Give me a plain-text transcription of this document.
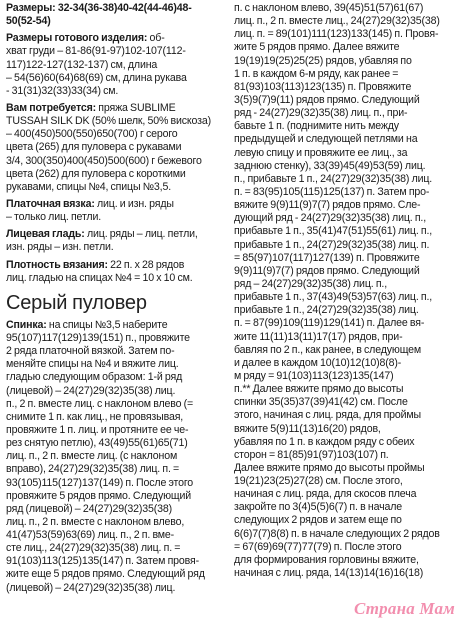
Размеры: 32-34(36-38)40-42(44-46)48-
50(52-54)
Размеры готового изделия: об-
хват груди – 81-86(91-97)102-107(112-
117)122-127(132-137) см, длина
– 54(56)60(64)68(69) см, длина рукава
- 31(31)32(33)33(34) см.
Вам потребуется: пряжа SUBLIME
TUSSAH SILK DK (50% шелк, 50% вискоза)
– 400(450)500(550)650(700) г серого
цвета (265) для пуловера с рукавами
3/4, 300(350)400(450)500(600) г бежевого
цвета (262) для пуловера с короткими
рукавами, спицы №4, спицы №3,5.
Платочная вязка: лиц. и изн. ряды
– только лиц. петли.
Лицевая гладь: лиц. ряды – лиц. петли,
изн. ряды – изн. петли.
Плотность вязания: 22 п. х 28 рядов
лиц. гладью на спицах №4 = 10 х 10 см.
Серый пуловер
Спинка: на спицы №3,5 наберите
95(107)117(129)139(151) п., провяжите
2 ряда платочной вязкой. Затем по-
меняйте спицы на №4 и вяжите лиц.
гладью следующим образом: 1-й ряд
(лицевой) – 24(27)29(32)35(38) лиц.
п., 2 п. вместе лиц. с наклоном влево (=
снимите 1 п. как лиц., не провязывая,
провяжите 1 п. лиц. и протяните ее че-
рез снятую петлю), 43(49)55(61)65(71)
лиц. п., 2 п. вместе лиц. (с наклоном
вправо), 24(27)29(32)35(38) лиц. п. =
93(105)115(127)137(149) п. После этого
провяжите 5 рядов прямо. Следующий
ряд (лицевой) – 24(27)29(32)35(38)
лиц. п., 2 п. вместе с наклоном влево,
41(47)53(59)63(69) лиц. п., 2 п. вме-
сте лиц., 24(27)29(32)35(38) лиц. п. =
91(103)113(125)135(147) п. Затем провя-
жите еще 5 рядов прямо. Следующий ряд
(лицевой) – 24(27)29(32)35(38) лиц.
п. с наклоном влево, 39(45)51(57)61(67)
лиц. п., 2 п. вместе лиц., 24(27)29(32)35(38)
лиц. п. = 89(101)111(123)133(145) п. Провя-
жите 5 рядов прямо. Далее вяжите
19(19)19(25)25(25) рядов, убавляя по
1 п. в каждом 6-м ряду, как ранее =
81(93)103(113)123(135) п. Провяжите
3(5)9(7)9(11) рядов прямо. Следующий
ряд - 24(27)29(32)35(38) лиц. п., при-
бавьте 1 п. (поднимите нить между
предыдущей и следующей петлями на
левую спицу и провяжите ее лиц., за
заднюю стенку), 33(39)45(49)53(59) лиц.
п., прибавьте 1 п., 24(27)29(32)35(38) лиц.
п. = 83(95)105(115)125(137) п. Затем про-
вяжите 9(9)11(9)7(7) рядов прямо. Сле-
дующий ряд - 24(27)29(32)35(38) лиц. п.,
прибавьте 1 п., 35(41)47(51)55(61) лиц. п.,
прибавьте 1 п., 24(27)29(32)35(38) лиц. п.
= 85(97)107(117)127(139) п. Провяжите
9(9)11(9)7(7) рядов прямо. Следующий
ряд – 24(27)29(32)35(38) лиц. п.,
прибавьте 1 п., 37(43)49(53)57(63) лиц. п.,
прибавьте 1 п., 24(27)29(32)35(38) лиц.
п. = 87(99)109(119)129(141) п. Далее вя-
жите 11(11)13(11)17(17) рядов, при-
бавляя по 2 п., как ранее, в следующем
и далее в каждом 10(10)12(10)8(8)-
м ряду = 91(103)113(123)135(147)
п.** Далее вяжите прямо до высоты
спинки 35(35)37(39)41(42) см. После
этого, начиная с лиц. ряда, для проймы
вяжите 5(9)11(13)16(20) рядов,
убавляя по 1 п. в каждом ряду с обеих
сторон = 81(85)91(97)103(107) п.
Далее вяжите прямо до высоты проймы
19(21)23(25)27(28) см. После этого,
начиная с лиц. ряда, для скосов плеча
закройте по 3(4)5(5)6(7) п. в начале
следующих 2 рядов и затем еще по
6(6)7(7)8(8) п. в начале следующих 2 рядов
= 67(69)69(77)77(79) п. После этого
для формирования горловины вяжите,
начиная с лиц. ряда, 14(13)14(16)16(18)
Страна Мам
